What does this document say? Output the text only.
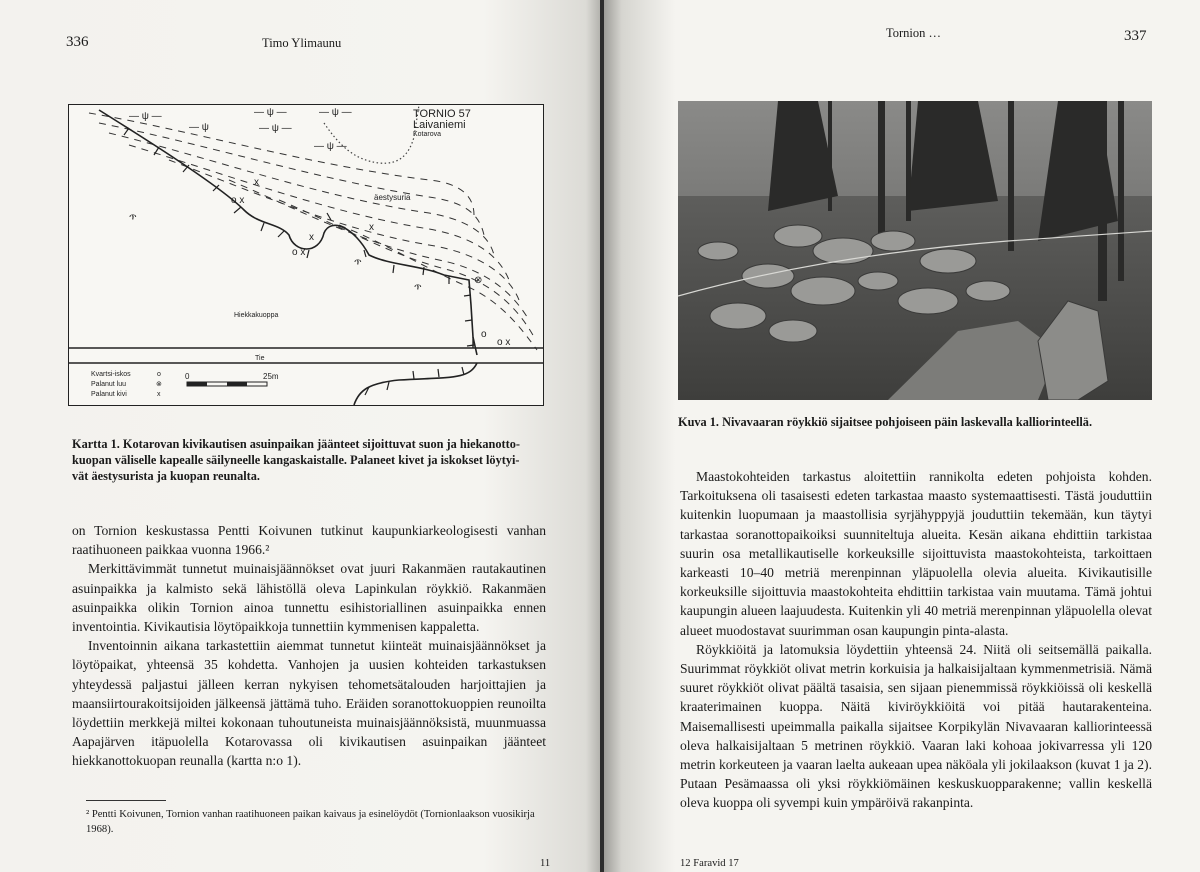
336	Timo Ylimaunu
— ψ —	— ψ —	— ψ —
— ψ —
— ψ —
— ψ
ጥ
ጥ
ጥ
o x
x
o x
⊗
o
o x
x
x
TORNIO 57
Laivaniemi
Kotarova
äestysuria
Hiekkakuoppa
Tie
Kvartsi-iskos	o
Palanut luu	⊗
Palanut kivi	x
0	25m
Kartta 1. Kotarovan kivikautisen asuinpaikan jäänteet sijoittuvat suon ja hiekanotto-
kuopan väliselle kapealle säilyneelle kangaskaistalle. Palaneet kivet ja iskokset löytyi-
vät äestysurista ja kuopan reunalta.

on Tornion keskustassa Pentti Koivunen tutkinut kaupunkiarkeologisesti vanhan raatihuoneen paikkaa vuonna 1966.²

Merkittävimmät tunnetut muinaisjäännökset ovat juuri Rakanmäen rautakautinen asuinpaikka ja kalmisto sekä lähistöllä oleva Lapinkulan röykkiö. Rakanmäen asuinpaikka olikin Tornion ainoa tunnettu esihistoriallinen asuinpaikka ennen inventointia. Kivikautisia löytöpaikkoja tunnettiin kymmenisen kappaletta.

Inventoinnin aikana tarkastettiin aiemmat tunnetut kiinteät muinaisjäännökset ja löytöpaikat, yhteensä 35 kohdetta. Vanhojen ja uusien kohteiden tarkastuksen yhteydessä paljastui jälleen kerran nykyisen tehometsätalouden harjoittajien ja maansiirtourakoitsijoiden jälkeensä jättämä tuho. Eräiden soranottokuoppien reunoilta löydettiin merkkejä miltei kokonaan tuhoutuneista muinaisjäännöksistä, muunmuassa Aapajärven itäpuolella Kotarovassa oli kivikautisen asuinpaikan jäänteet hiekkanottokuopan reunalla (kartta n:o 1).

² Pentti Koivunen, Tornion vanhan raatihuoneen paikan kaivaus ja esinelöydöt (Tornionlaakson vuosikirja 1968).
11
Tornion …	337
Kuva 1. Nivavaaran röykkiö sijaitsee pohjoiseen päin laskevalla kalliorinteellä.

Maastokohteiden tarkastus aloitettiin rannikolta edeten pohjoista kohden. Tarkoituksena oli tasaisesti edeten tarkastaa maasto systemaattisesti. Tästä jouduttiin kuitenkin luopumaan ja maastollisia syrjähyppyjä jouduttiin tekemään, kun täytyi tarkastaa soranottopaikoiksi suunniteltuja alueita. Kesän aikana ehdittiin tarkistaa suurin osa metallikautiselle korkeuksille sijoittuvista maastokohteista, tarkoittaen karkeasti 10–40 metriä merenpinnan yläpuolella olevia alueita. Kivikautisille korkeuksille sijoittuvia maastokohteita ehdittiin tarkistaa vain muutama. Tämä johtui kaupungin alueen laajuudesta. Kuitenkin yli 40 metriä merenpinnan yläpuolella olevat alueet muodostavat suurimman osan kaupungin pinta-alasta.

Röykkiöitä ja latomuksia löydettiin yhteensä 24. Niitä oli seitsemällä paikalla. Suurimmat röykkiöt olivat metrin korkuisia ja halkaisijaltaan kymmenmetrisiä. Nämä suuret röykkiöt olivat päältä tasaisia, sen sijaan pienemmissä röykkiöissä oli keskellä kraaterimainen kuoppa. Näitä kiviröykkiöitä voi pitää hautarakenteina. Maisemallisesti upeimmalla paikalla sijaitsee Korpikylän Nivavaaran kalliorinteessä oleva halkaisijaltaan 5 metrinen röykkiö. Vaaran laki kohoaa jokivarressa yli 120 metrin korkeuteen ja vaaran laelta aukeaan upea näköala yli jokilaakson (kuvat 1 ja 2). Putaan Pesämaassa oli yksi röykkiömäinen keskuskuopparakenne; vallin keskellä oleva kuoppa oli syvempi kuin ympäröivä rakanpinta.

12 Faravid 17
